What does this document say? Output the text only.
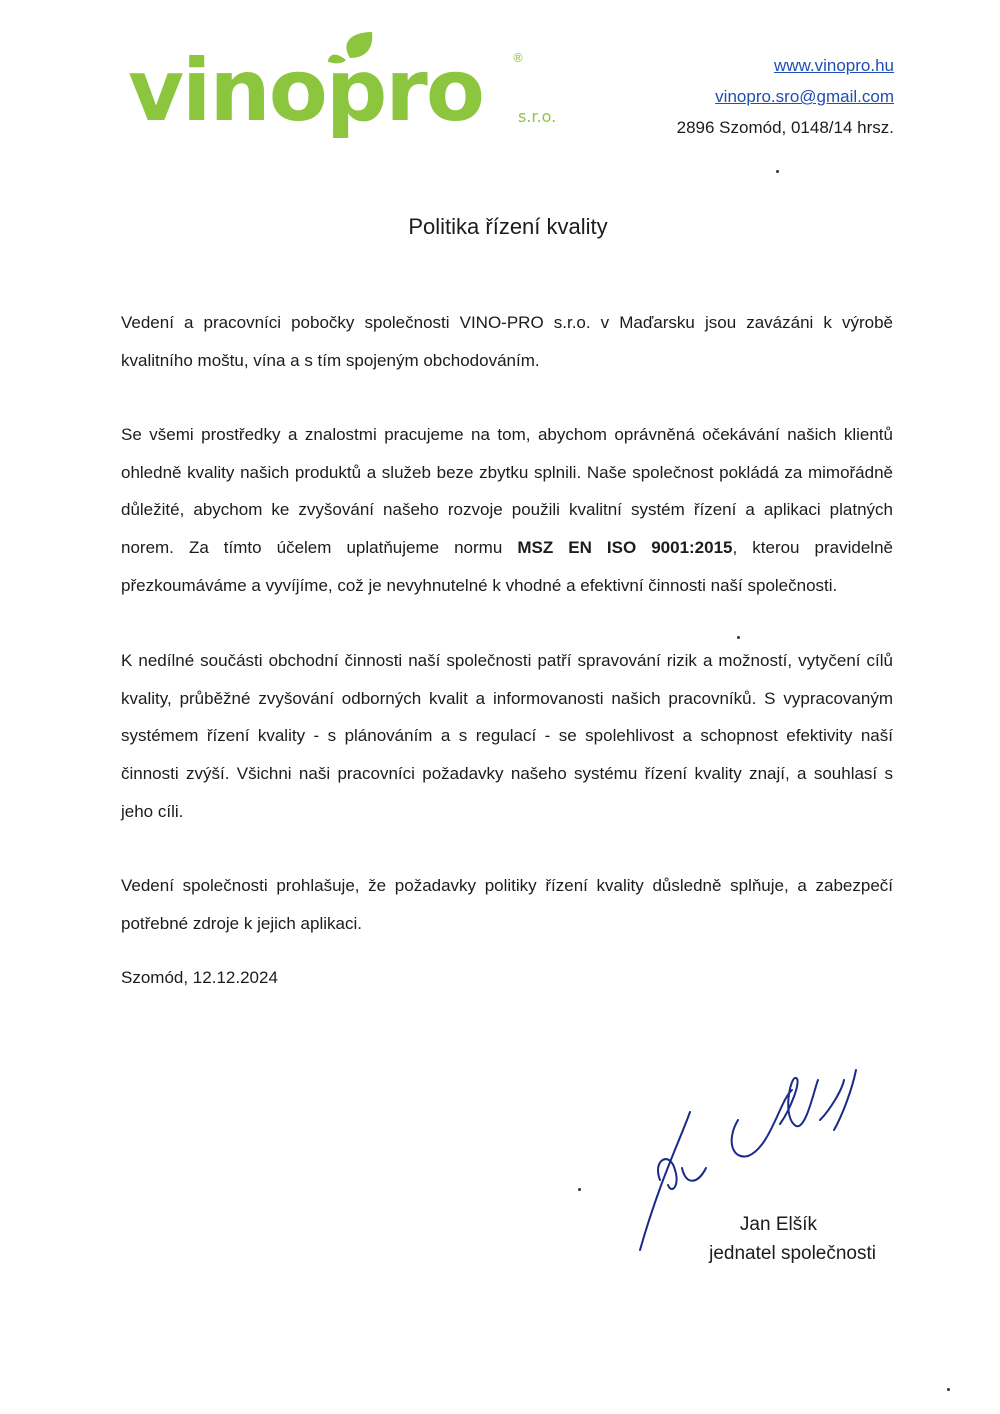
vinopro s.r.o.
®	www.vinopro.hu
vinopro.sro@gmail.com
2896 Szomód, 0148/14 hrsz.
Politika řízení kvality

Vedení a pracovníci pobočky společnosti VINO-PRO s.r.o. v Maďarsku jsou zavázáni k výrobě kvalitního moštu, vína a s tím spojeným obchodováním.

Se všemi prostředky a znalostmi pracujeme na tom, abychom oprávněná očekávání našich klientů ohledně kvality našich produktů a služeb beze zbytku splnili. Naše společnost pokládá za mimořádně důležité, abychom ke zvyšování našeho rozvoje použili kvalitní systém řízení a aplikaci platných norem. Za tímto účelem uplatňujeme normu MSZ EN ISO 9001:2015, kterou pravidelně přezkoumáváme a vyvíjíme, což je nevyhnutelné k vhodné a efektivní činnosti naší společnosti.

K nedílné součásti obchodní činnosti naší společnosti patří spravování rizik a možností, vytyčení cílů kvality, průběžné zvyšování odborných kvalit a informovanosti našich pracovníků. S vypracovaným systémem řízení kvality - s plánováním a s regulací - se spolehlivost a schopnost efektivity naší činnosti zvýší. Všichni naši pracovníci požadavky našeho systému řízení kvality znají, a souhlasí s jeho cíli.

Vedení společnosti prohlašuje, že požadavky politiky řízení kvality důsledně splňuje, a zabezpečí potřebné zdroje k jejich aplikaci.

Szomód, 12.12.2024

Jan Elšík
jednatel společnosti
